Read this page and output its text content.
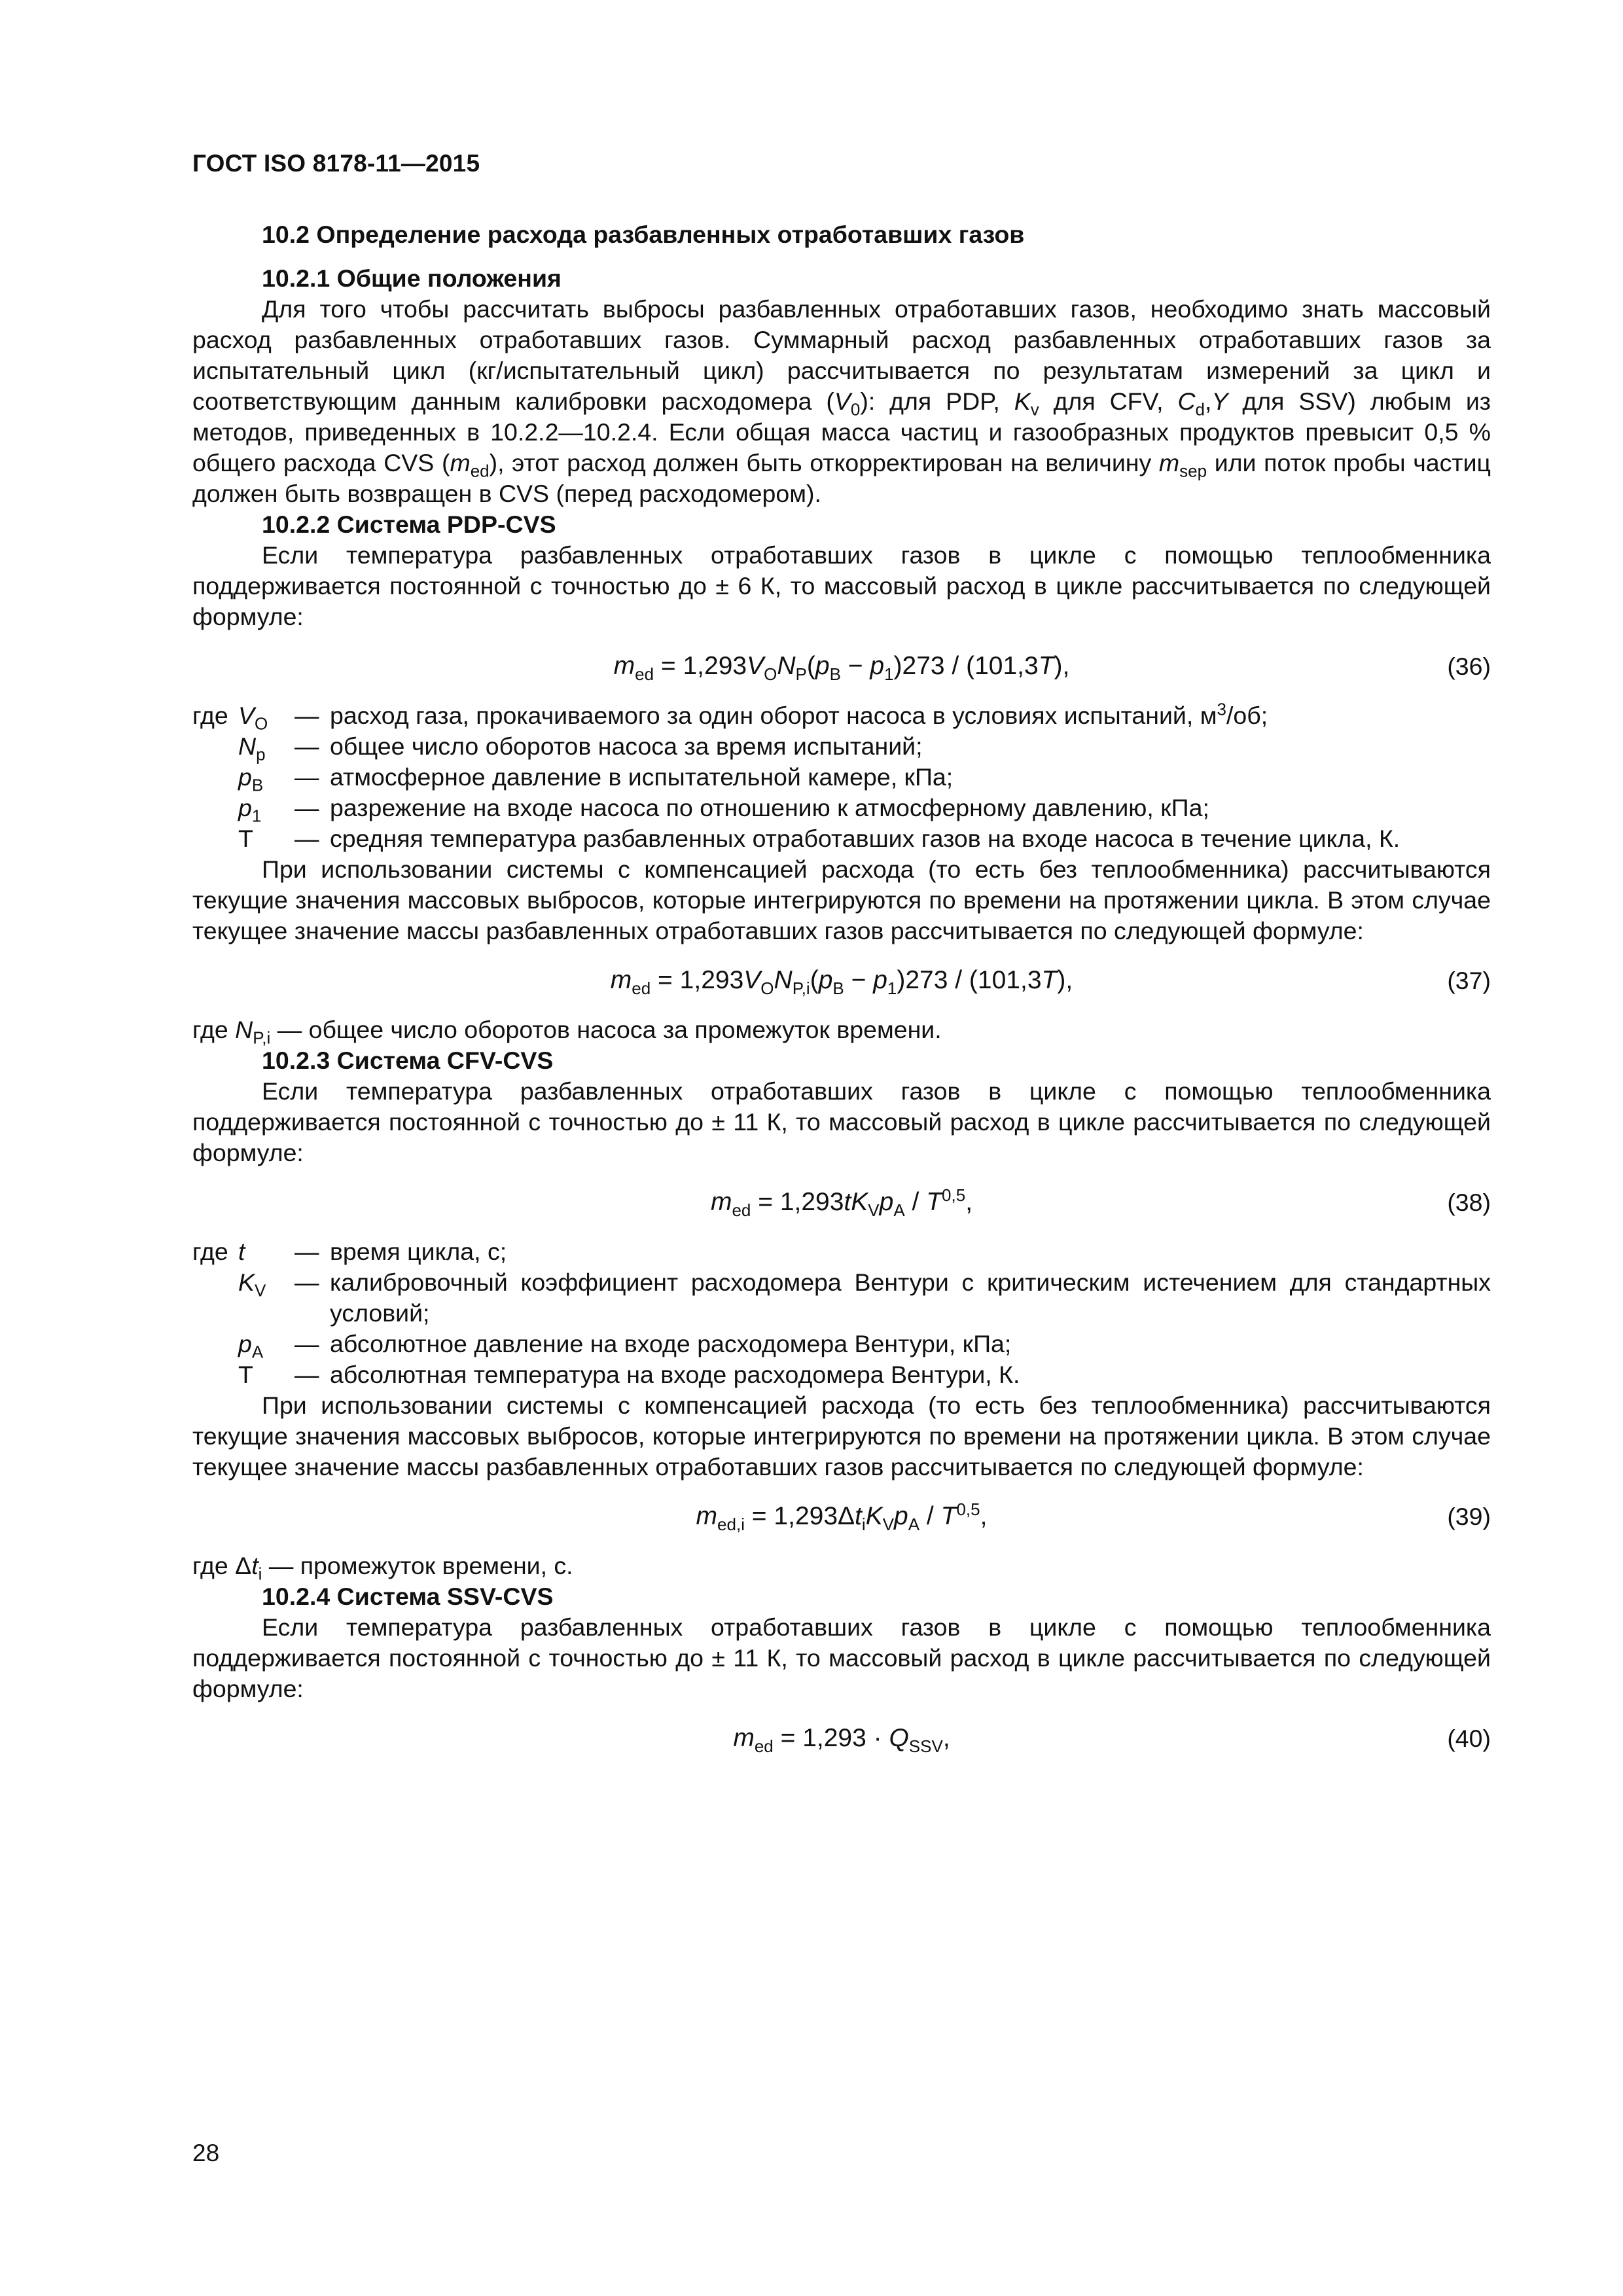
ГОСТ ISO 8178-11—2015

10.2 Определение расхода разбавленных отработавших газов

10.2.1 Общие положения

Для того чтобы рассчитать выбросы разбавленных отработавших газов, необходимо знать массовый расход разбавленных отработавших газов. Суммарный расход разбавленных отработавших газов за испытательный цикл (кг/испытательный цикл) рассчитывается по результатам измерений за цикл и соответствующим данным калибровки расходомера $(V_0)$: для PDP, $K_v$ для CFV, $C_d,Y$ для SSV) любым из методов, приведенных в 10.2.2—10.2.4. Если общая масса частиц и газообразных продуктов превысит 0,5 % общего расхода CVS $(m_{ed})$, этот расход должен быть откорректирован на величину $m_{sep}$ или поток пробы частиц должен быть возвращен в CVS (перед расходомером).

10.2.2 Система PDP-CVS

Если температура разбавленных отработавших газов в цикле с помощью теплообменника поддерживается постоянной с точностью до ± 6 К, то массовый расход в цикле рассчитывается по следующей формуле:

$m_{ed} = 1,293V_ON_P(p_B - p_1)273 / (101,3T)$,	(36)
где $V_O$	— расход газа, прокачиваемого за один оборот насоса в условиях испытаний, $м^3/об$;
$N_p$	— общее число оборотов насоса за время испытаний;
$p_B$	— атмосферное давление в испытательной камере, кПа;
$p_1$	— разрежение на входе насоса по отношению к атмосферному давлению, кПа;
T	— средняя температура разбавленных отработавших газов на входе насоса в течение цикла, К.

При использовании системы с компенсацией расхода (то есть без теплообменника) рассчитываются текущие значения массовых выбросов, которые интегрируются по времени на протяжении цикла. В этом случае текущее значение массы разбавленных отработавших газов рассчитывается по следующей формуле:

$m_{ed} = 1,293V_ON_{P,i}(p_B - p_1)273 / (101,3T)$,	(37)

где $N_{P,i}$ — общее число оборотов насоса за промежуток времени.

10.2.3 Система CFV-CVS

Если температура разбавленных отработавших газов в цикле с помощью теплообменника поддерживается постоянной с точностью до ± 11 К, то массовый расход в цикле рассчитывается по следующей формуле:

$m_{ed} = 1,293tK_Vp_A / T^{0,5}$,	(38)
где t	— время цикла, с;
$K_V$	— калибровочный коэффициент расходомера Вентури с критическим истечением для стандартных условий;
$p_A$	— абсолютное давление на входе расходомера Вентури, кПа;
T	— абсолютная температура на входе расходомера Вентури, К.

При использовании системы с компенсацией расхода (то есть без теплообменника) рассчитываются текущие значения массовых выбросов, которые интегрируются по времени на протяжении цикла. В этом случае текущее значение массы разбавленных отработавших газов рассчитывается по следующей формуле:

$m_{ed,i} = 1,293\Delta t_iK_Vp_A / T^{0,5}$,	(39)

где $\Delta t_i$ — промежуток времени, с.

10.2.4 Система SSV-CVS

Если температура разбавленных отработавших газов в цикле с помощью теплообменника поддерживается постоянной с точностью до ± 11 К, то массовый расход в цикле рассчитывается по следующей формуле:

$m_{ed} = 1,293 \cdot Q_{SSV}$,	(40)
28
